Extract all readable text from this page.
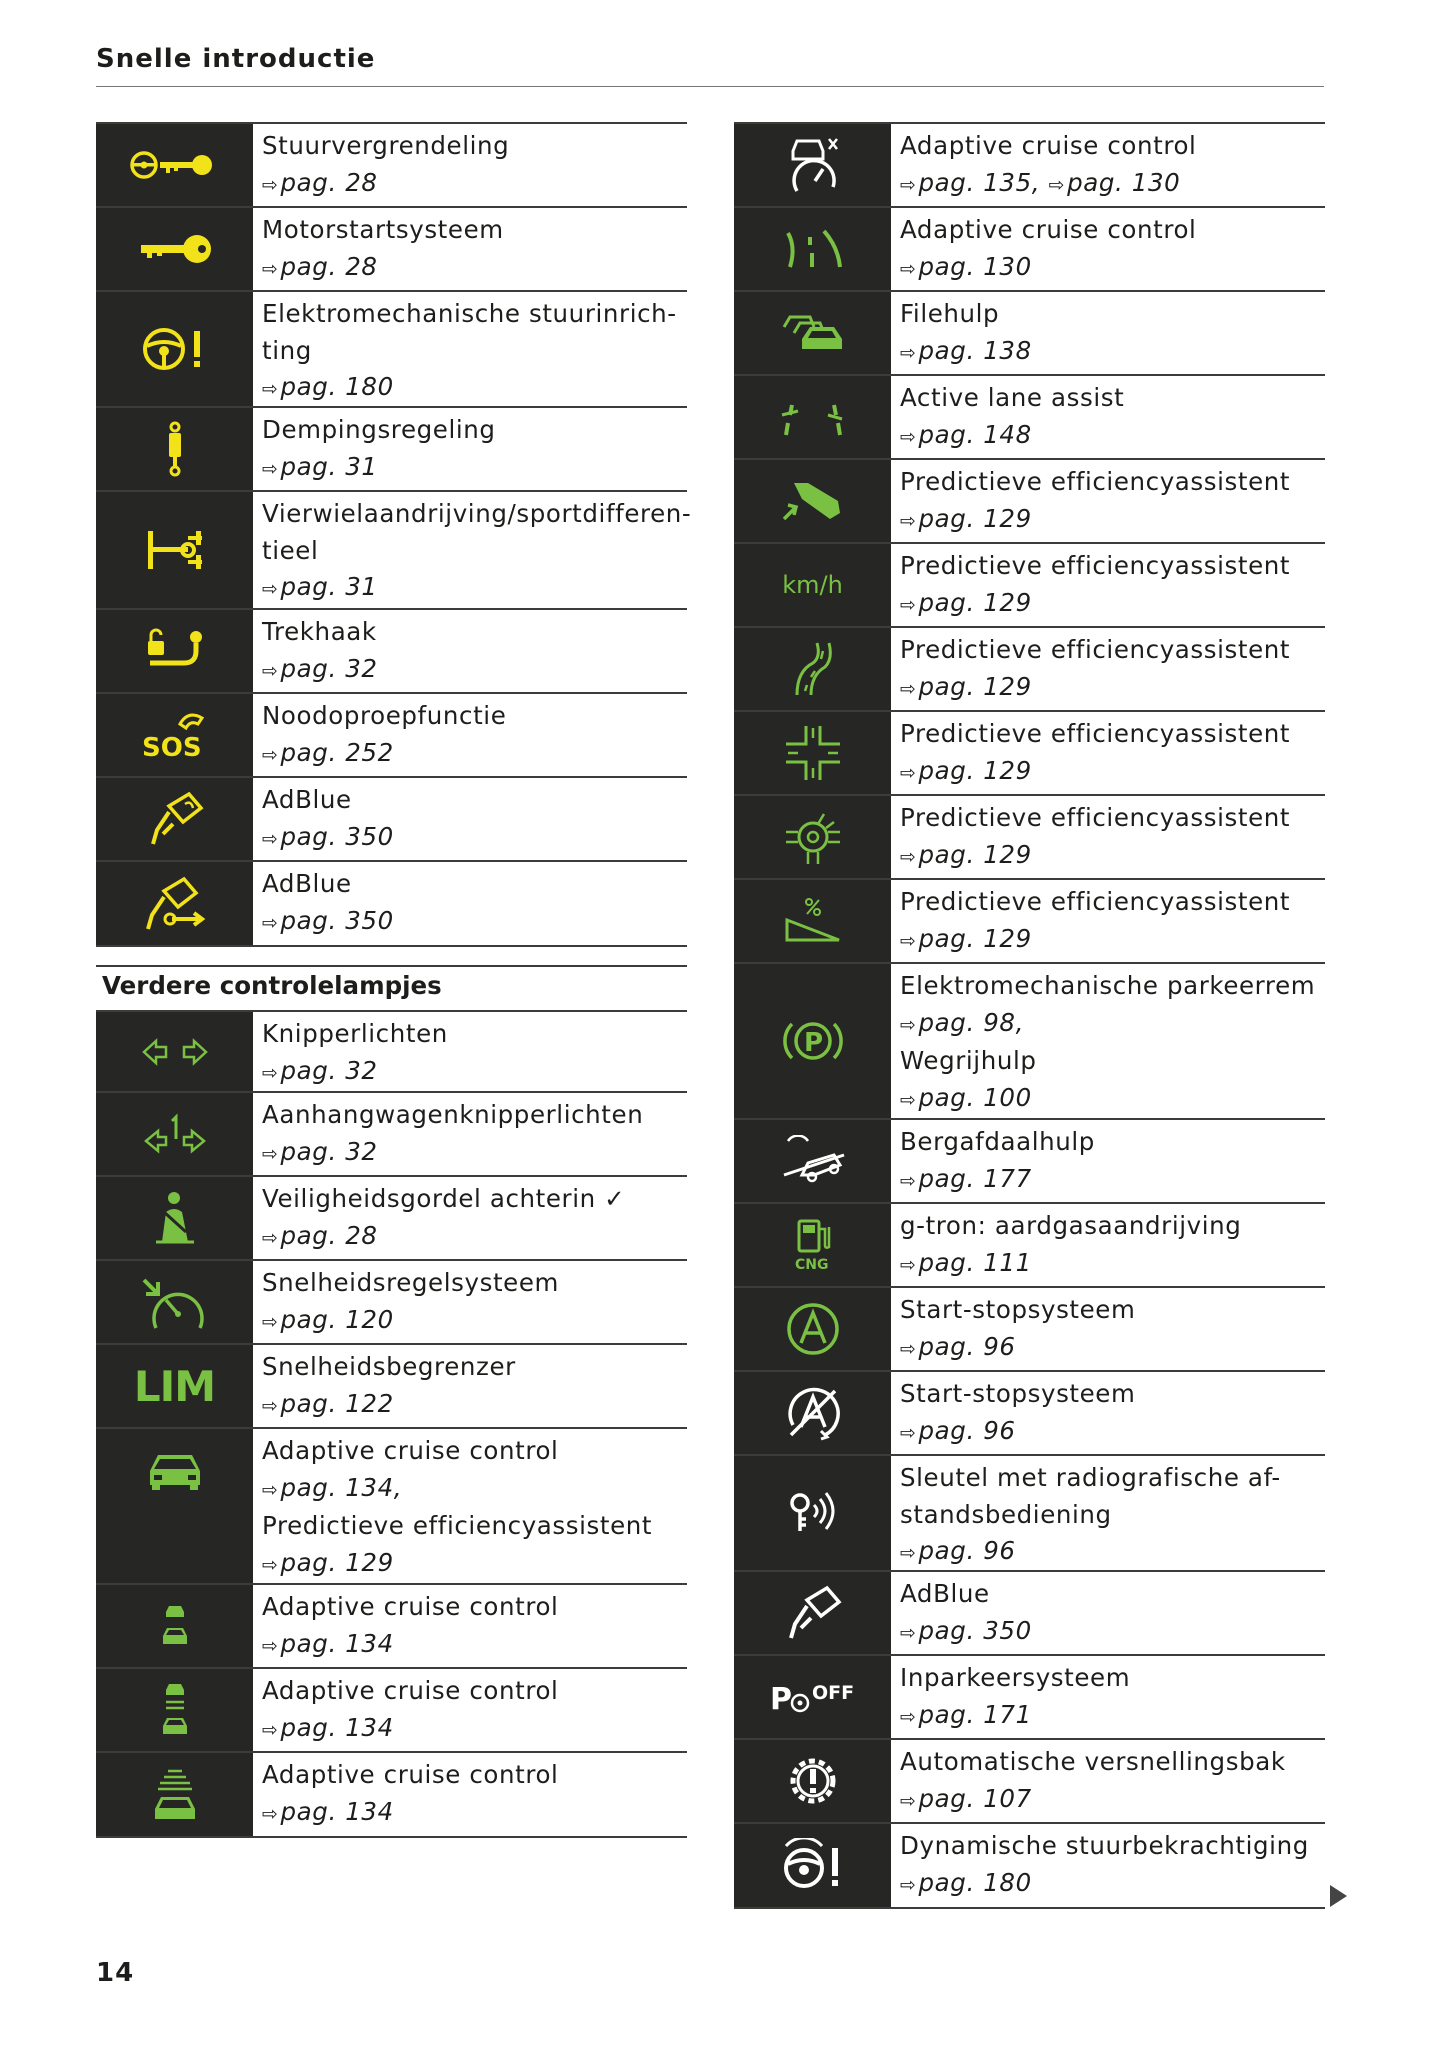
Snelle introductie
Stuurvergrendeling
⇨pag. 28
Motorstartsysteem
⇨pag. 28
Elektromechanische stuurinrich-ting
⇨pag. 180
Dempingsregeling
⇨pag. 31
Vierwielaandrijving/sportdifferen-tieel
⇨pag. 31
Trekhaak
⇨pag. 32
SOS
Noodoproepfunctie
⇨pag. 252
AdBlue
⇨pag. 350
AdBlue
⇨pag. 350
Verdere controlelampjes
Knipperlichten
⇨pag. 32
Aanhangwagenknipperlichten
⇨pag. 32
Veiligheidsgordel achterin ✓
⇨pag. 28
Snelheidsregelsysteem
⇨pag. 120
LIM	Snelheidsbegrenzer
⇨pag. 122
Adaptive cruise control
⇨pag. 134,
Predictieve efficiencyassistent
⇨pag. 129
Adaptive cruise control
⇨pag. 134
Adaptive cruise control
⇨pag. 134
Adaptive cruise control
⇨pag. 134
Adaptive cruise control
⇨pag. 135, ⇨pag. 130
Adaptive cruise control
⇨pag. 130
Filehulp
⇨pag. 138
Active lane assist
⇨pag. 148
Predictieve efficiencyassistent
⇨pag. 129
km/h
Predictieve efficiencyassistent
⇨pag. 129
Predictieve efficiencyassistent
⇨pag. 129
Predictieve efficiencyassistent
⇨pag. 129
Predictieve efficiencyassistent
⇨pag. 129
Predictieve efficiencyassistent
⇨pag. 129
P
Elektromechanische parkeerrem
⇨pag. 98,
Wegrijhulp
⇨pag. 100
Bergafdaalhulp
⇨pag. 177
CNG
g-tron: aardgasaandrijving
⇨pag. 111
Start-stopsysteem
⇨pag. 96
Start-stopsysteem
⇨pag. 96
Sleutel met radiografische af-standsbediening
⇨pag. 96
AdBlue
⇨pag. 350
P OFF
Inparkeersysteem
⇨pag. 171
Automatische versnellingsbak
⇨pag. 107
Dynamische stuurbekrachtiging
⇨pag. 180
14
